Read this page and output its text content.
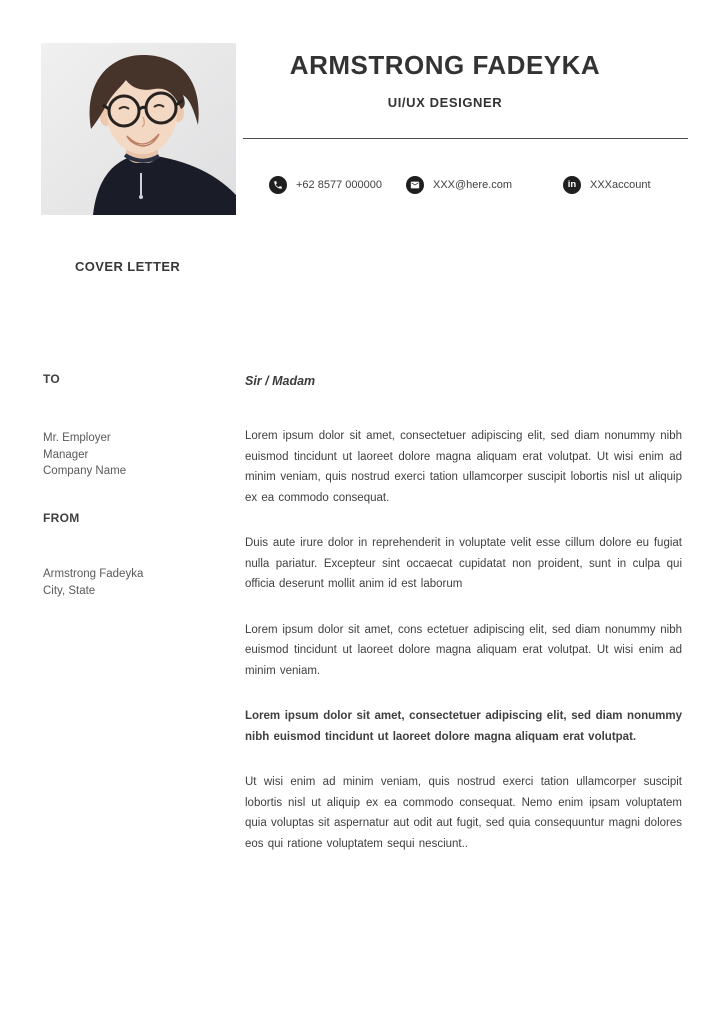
ARMSTRONG FADEYKA
UI/UX DESIGNER
+62 8577 000000	XXX@here.com	in XXXaccount
COVER LETTER
TO
Mr. Employer
Manager
Company Name
FROM
Armstrong Fadeyka
City, State
Sir / Madam
Lorem ipsum dolor sit amet, consectetuer adipiscing elit, sed diam nonummy nibh euismod tincidunt ut laoreet dolore magna aliquam erat volutpat. Ut wisi enim ad minim veniam, quis nostrud exerci tation ullamcorper suscipit lobortis nisl ut aliquip ex ea commodo consequat.
Duis aute irure dolor in reprehenderit in voluptate velit esse cillum dolore eu fugiat nulla pariatur. Excepteur sint occaecat cupidatat non proident, sunt in culpa qui officia deserunt mollit anim id est laborum
Lorem ipsum dolor sit amet, cons ectetuer adipiscing elit, sed diam nonummy nibh euismod tincidunt ut laoreet dolore magna aliquam erat volutpat. Ut wisi enim ad minim veniam.
Lorem ipsum dolor sit amet, consectetuer adipiscing elit, sed diam nonummy nibh euismod tincidunt ut laoreet dolore magna aliquam erat volutpat.
Ut wisi enim ad minim veniam, quis nostrud exerci tation ullamcorper suscipit lobortis nisl ut aliquip ex ea commodo consequat. Nemo enim ipsam voluptatem quia voluptas sit aspernatur aut odit aut fugit, sed quia consequuntur magni dolores eos qui ratione voluptatem sequi nesciunt..
